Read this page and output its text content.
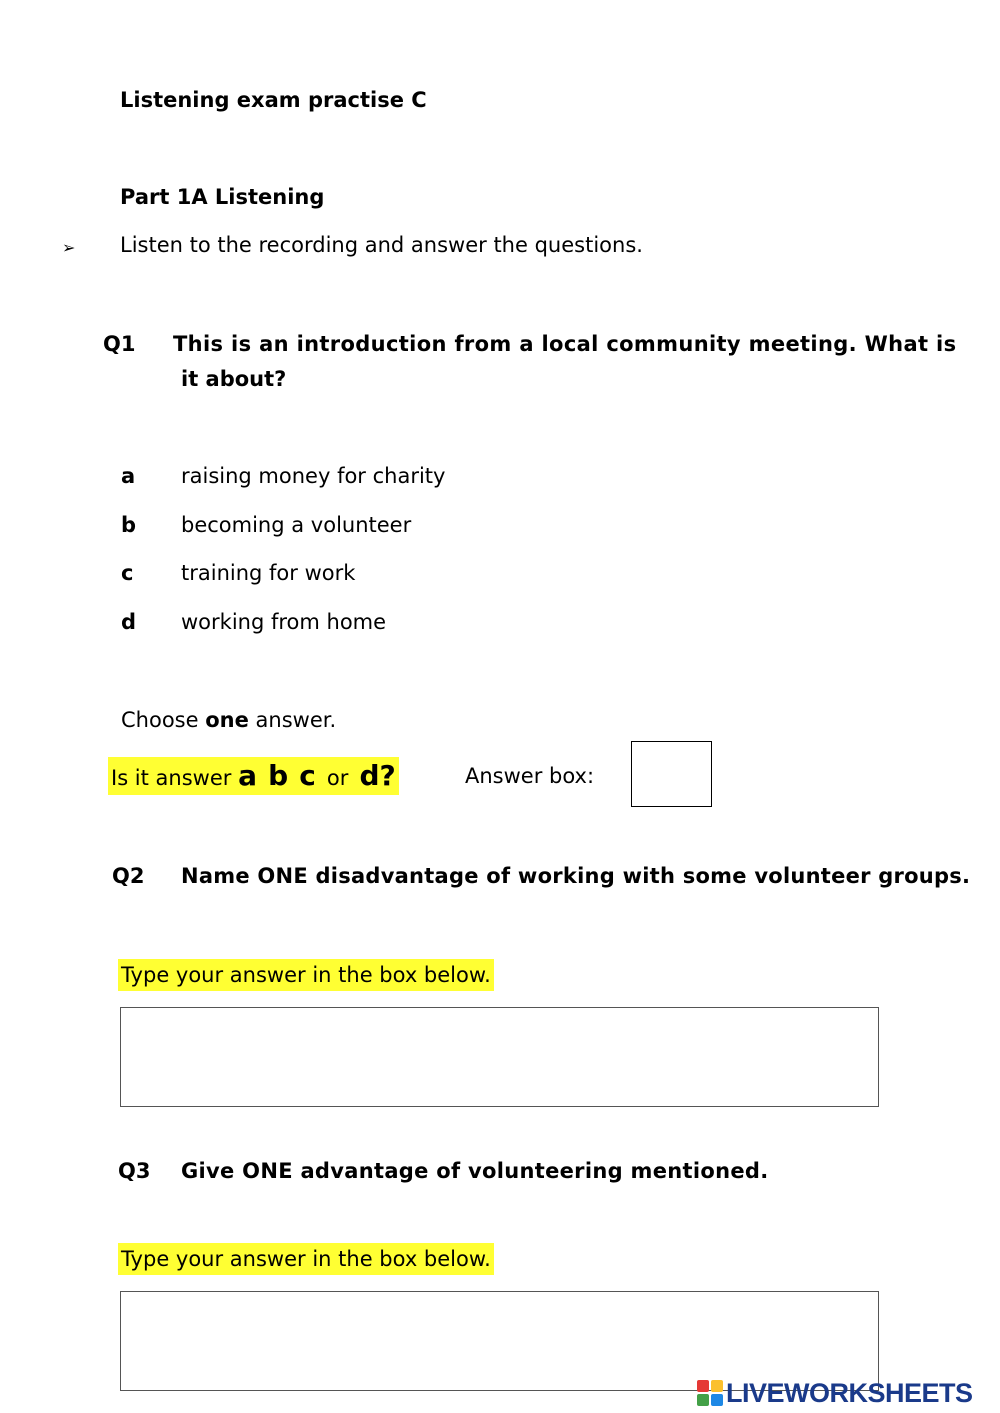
Listening exam practise C
Part 1A Listening
➢ Listen to the recording and answer the questions.
Q1 This is an introduction from a local community meeting. What is
it about?
a raising money for charity
b becoming a volunteer
c training for work
d working from home
Choose one answer.
Is it answer a b c or d?	Answer box:
Q2 Name ONE disadvantage of working with some volunteer groups.
Type your answer in the box below.
Q3 Give ONE advantage of volunteering mentioned.
Type your answer in the box below.
LIVEWORKSHEETS
